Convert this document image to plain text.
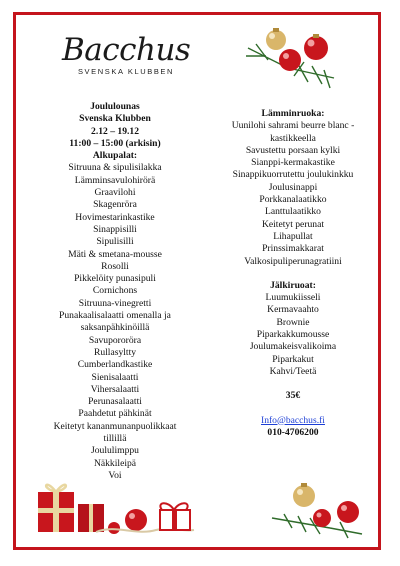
Bacchus
SVENSKA KLUBBEN
Joululounas
Svenska Klubben
2.12 – 19.12
11:00 – 15:00 (arkisin)
Alkupalat:
Sitruuna & sipulisilakka
Lämminsavulohirörä
Graavilohi
Skagenröra
Hovimestarinkastike
Sinappisilli
Sipulisilli
Mäti & smetana-mousse
Rosolli
Pikkelöity punasipuli
Cornichons
Sitruuna-vinegretti
Punakaalisalaatti omenalla ja
saksanpähkinöillä
Savupororöra
Rullasyltty
Cumberlandkastike
Sienisalaatti
Vihersalaatti
Perunasalaatti
Paahdetut pähkinät
Keitetyt kananmunanpuolikkaat
tillillä
Joululimppu
Näkkileipä
Voi
Lämminruoka:
Uunilohi sahrami beurre blanc -
kastikkeella
Savustettu porsaan kylki
Sianppi-kermakastike
Sinappikuorrutettu joulukinkku
Joulusinappi
Porkkanalaatikko
Lanttulaatikko
Keitetyt perunat
Lihapullat
Prinssimakkarat
Valkosipuliperunagratiini
Jälkiruoat:
Luumukiisseli
Kermavaahto
Brownie
Piparkakkumousse
Joulumakeisvalikoima
Piparkakut
Kahvi/Teetä
35€
Info@bacchus.fi
010-4706200
